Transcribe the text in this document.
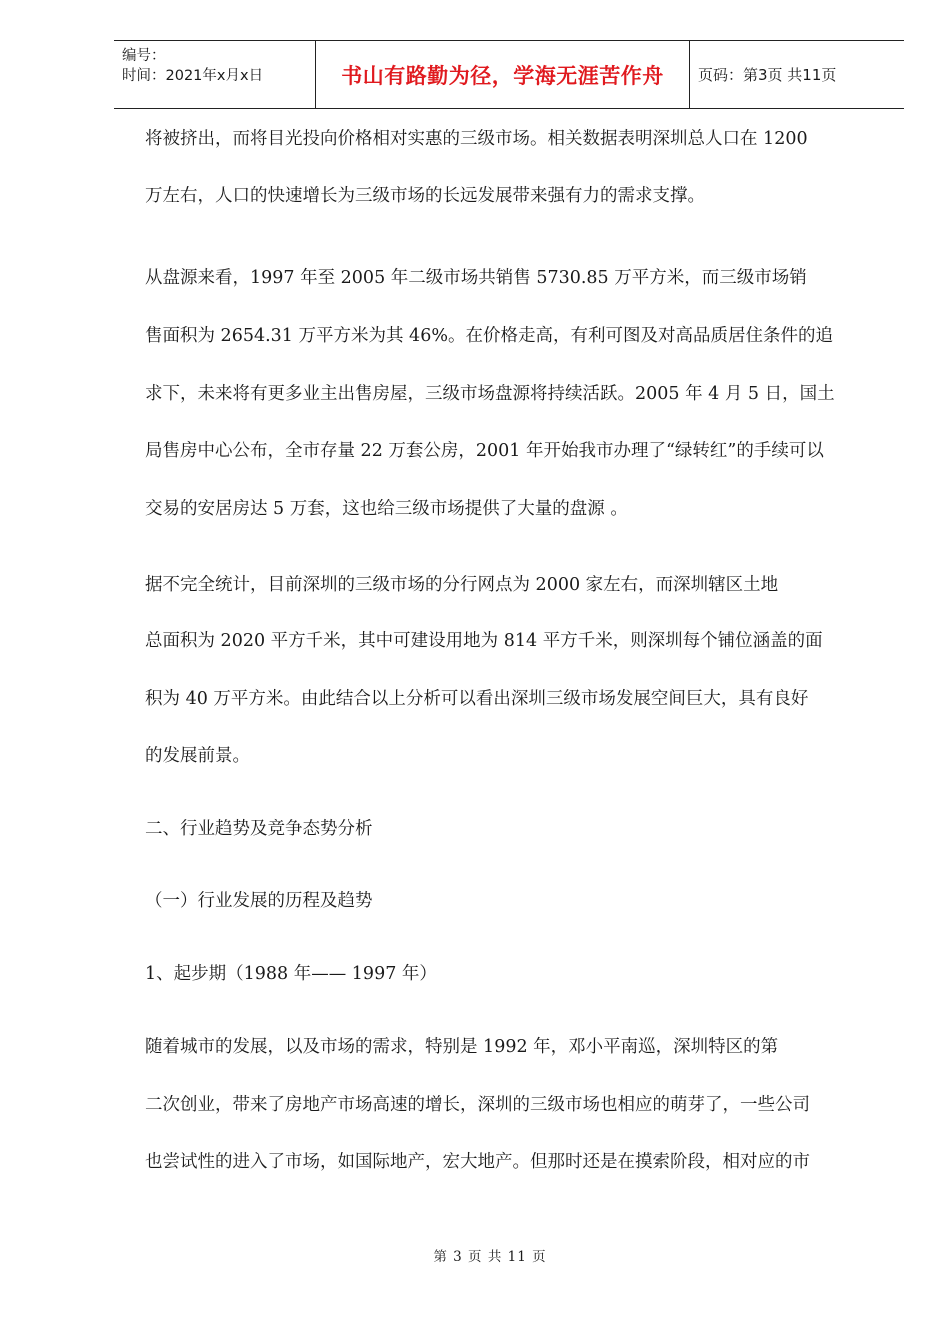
编号：
时间：2021年x月x日	书山有路勤为径，学海无涯苦作舟	页码：第3页 共11页
将被挤出，而将目光投向价格相对实惠的三级市场。相关数据表明深圳总人口在 1200
万左右，人口的快速增长为三级市场的长远发展带来强有力的需求支撑。
从盘源来看，1997 年至 2005 年二级市场共销售 5730.85 万平方米，而三级市场销
售面积为 2654.31 万平方米为其 46%。在价格走高，有利可图及对高品质居住条件的追
求下，未来将有更多业主出售房屋，三级市场盘源将持续活跃。2005 年 4 月 5 日，国土
局售房中心公布，全市存量 22 万套公房，2001 年开始我市办理了“绿转红”的手续可以
交易的安居房达 5 万套，这也给三级市场提供了大量的盘源 。
据不完全统计，目前深圳的三级市场的分行网点为 2000 家左右，而深圳辖区土地
总面积为 2020 平方千米，其中可建设用地为 814 平方千米，则深圳每个铺位涵盖的面
积为 40 万平方米。由此结合以上分析可以看出深圳三级市场发展空间巨大，具有良好
的发展前景。
二、行业趋势及竞争态势分析
（一）行业发展的历程及趋势
1、起步期（1988 年—— 1997 年）
随着城市的发展，以及市场的需求，特别是 1992 年，邓小平南巡，深圳特区的第
二次创业，带来了房地产市场高速的增长，深圳的三级市场也相应的萌芽了，一些公司
也尝试性的进入了市场，如国际地产，宏大地产。但那时还是在摸索阶段，相对应的市
第 3 页 共 11 页
